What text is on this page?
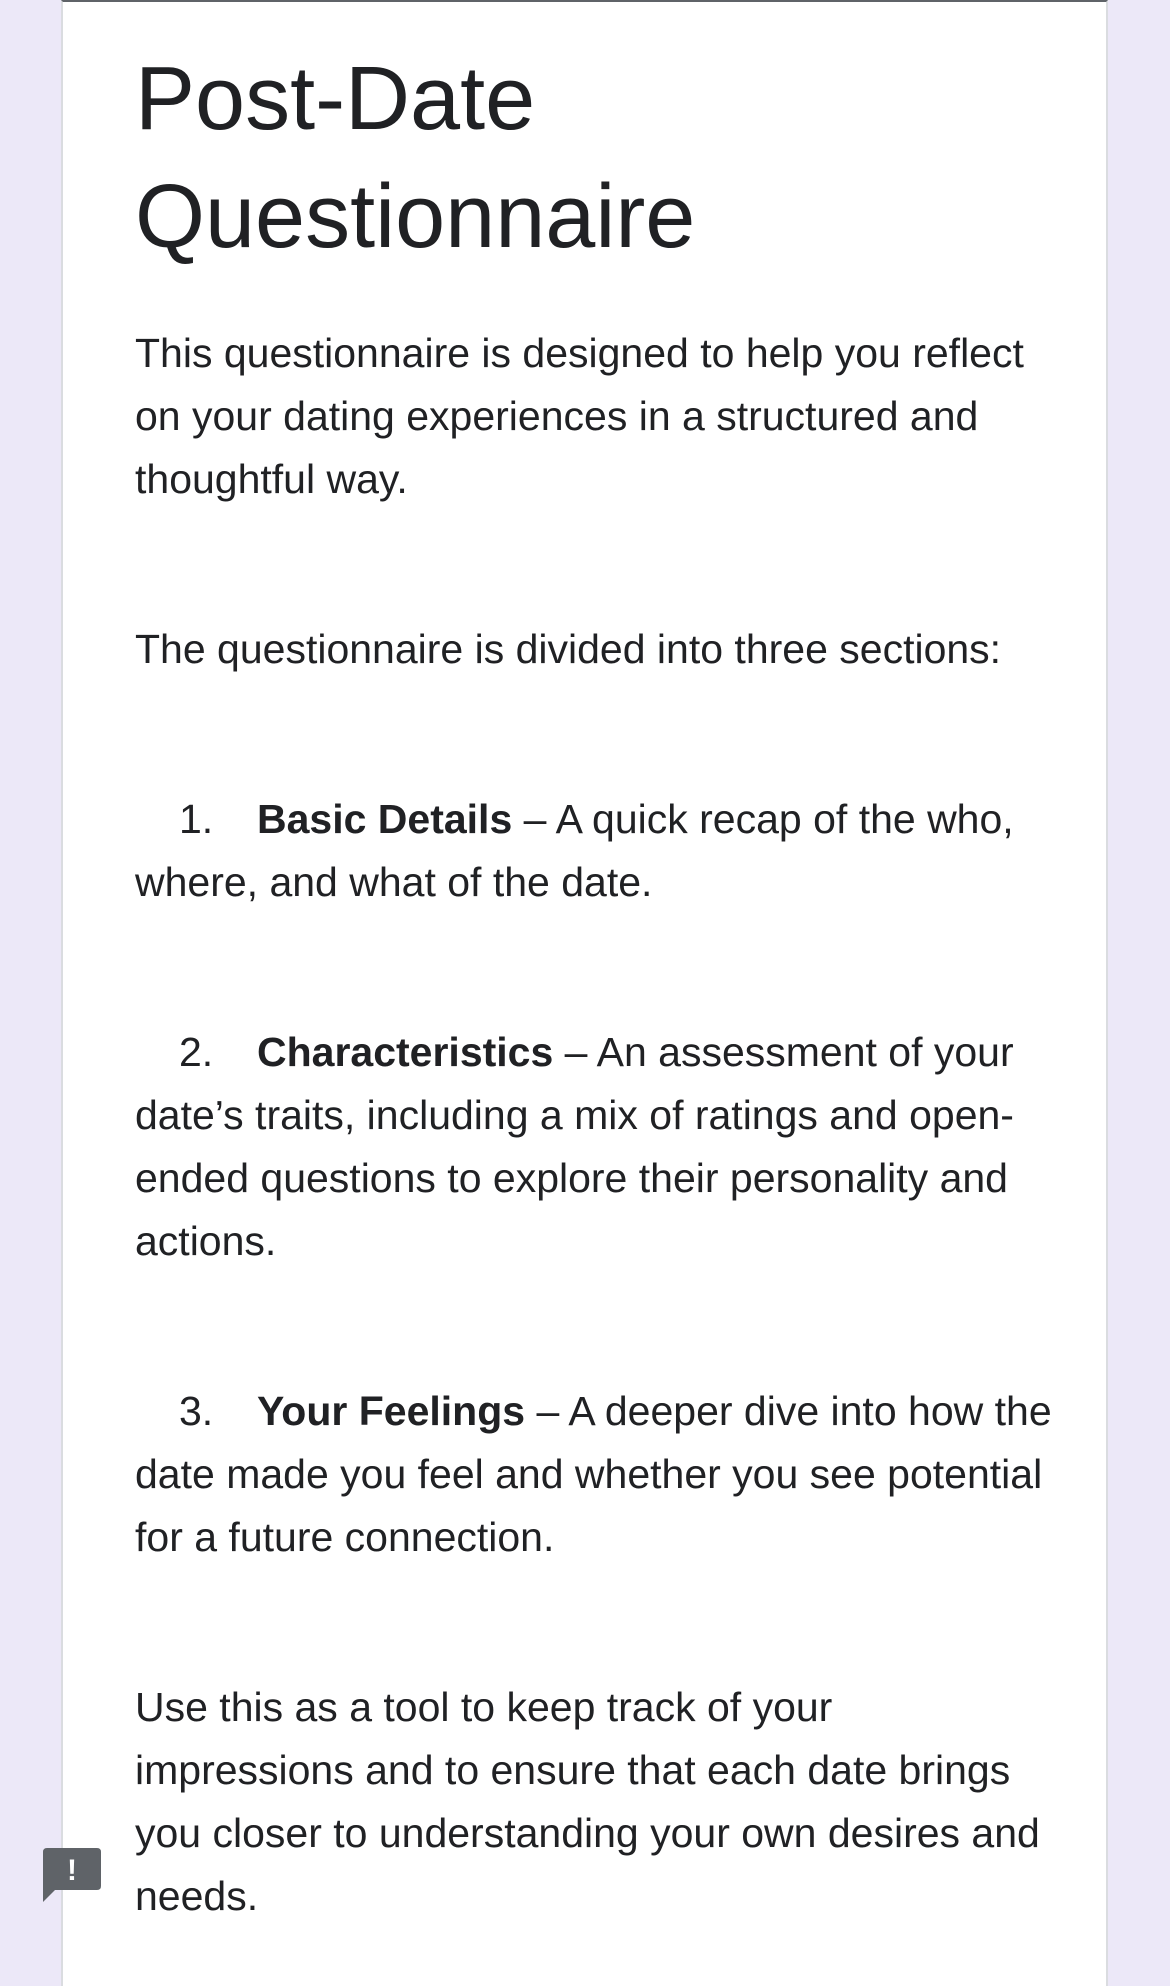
Post-Date Questionnaire

This questionnaire is designed to help you reflect on your dating experiences in a structured and thoughtful way.

The questionnaire is divided into three sections:

1. Basic Details – A quick recap of the who, where, and what of the date.

2. Characteristics – An assessment of your date’s traits, including a mix of ratings and open-ended questions to explore their personality and actions.

3. Your Feelings – A deeper dive into how the date made you feel and whether you see potential for a future connection.

Use this as a tool to keep track of your impressions and to ensure that each date brings you closer to understanding your own desires and needs.

!
